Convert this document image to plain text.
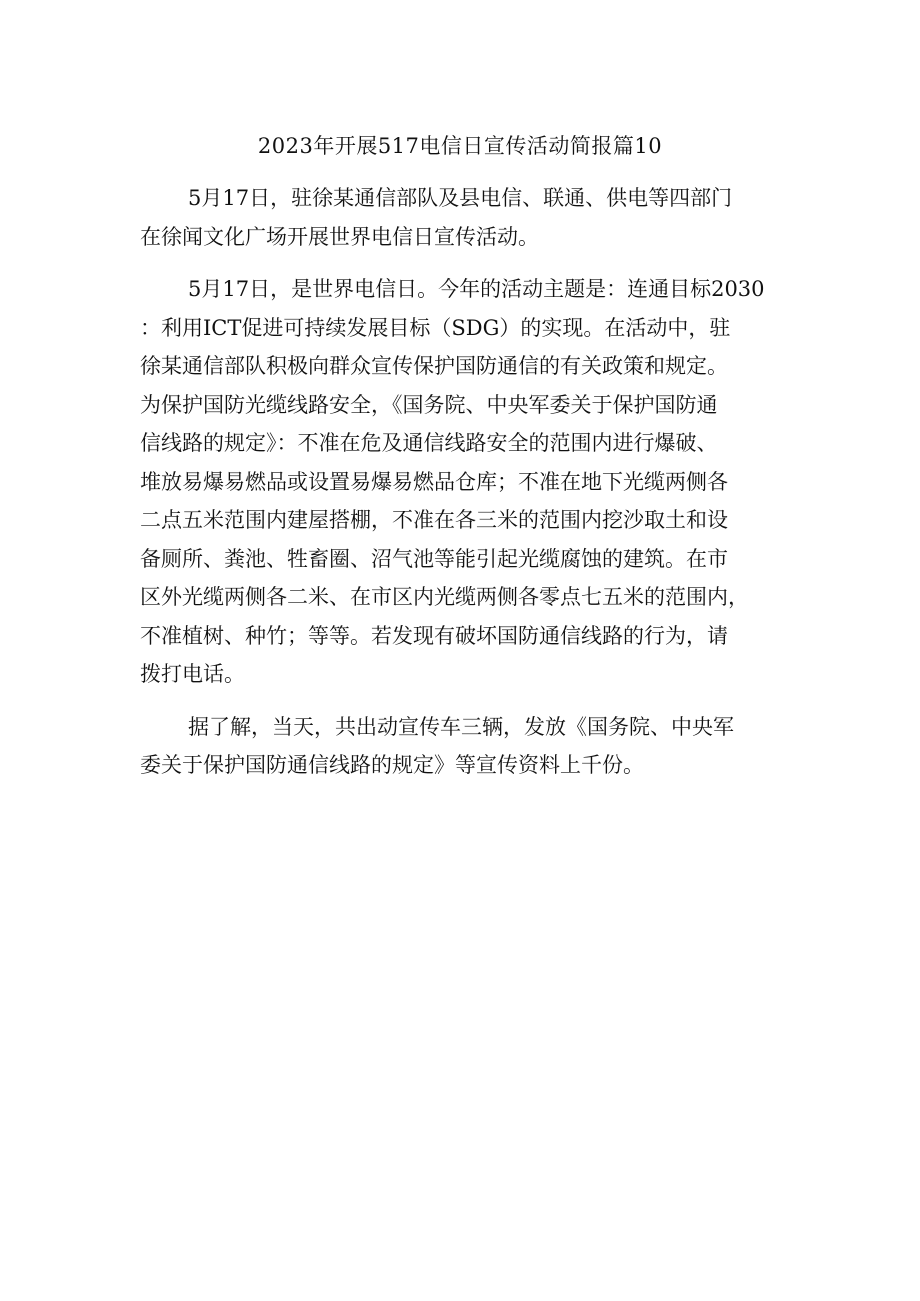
2023年开展517电信日宣传活动简报篇10
5月17日，驻徐某通信部队及县电信、联通、供电等四部门
在徐闻文化广场开展世界电信日宣传活动。
5月17日，是世界电信日。今年的活动主题是：连通目标2030
：利用ICT促进可持续发展目标（SDG）的实现。在活动中，驻
徐某通信部队积极向群众宣传保护国防通信的有关政策和规定。
为保护国防光缆线路安全，《国务院、中央军委关于保护国防通
信线路的规定》：不准在危及通信线路安全的范围内进行爆破、
堆放易爆易燃品或设置易爆易燃品仓库；不准在地下光缆两侧各
二点五米范围内建屋搭棚，不准在各三米的范围内挖沙取土和设
备厕所、粪池、牲畜圈、沼气池等能引起光缆腐蚀的建筑。在市
区外光缆两侧各二米、在市区内光缆两侧各零点七五米的范围内，
不准植树、种竹；等等。若发现有破坏国防通信线路的行为，请
拨打电话。
据了解，当天，共出动宣传车三辆，发放《国务院、中央军
委关于保护国防通信线路的规定》等宣传资料上千份。
